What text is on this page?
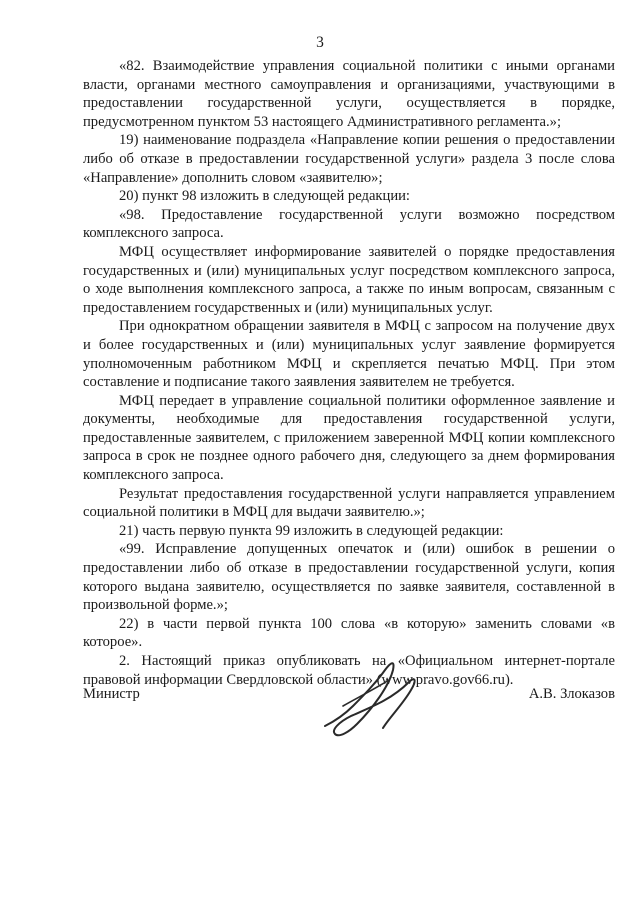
3

«82. Взаимодействие управления социальной политики с иными органами власти, органами местного самоуправления и организациями, участвующими в предоставлении государственной услуги, осуществляется в порядке, предусмотренном пунктом 53 настоящего Административного регламента.»;

19) наименование подраздела «Направление копии решения о предоставлении либо об отказе в предоставлении государственной услуги» раздела 3 после слова «Направление» дополнить словом «заявителю»;

20) пункт 98 изложить в следующей редакции:

«98. Предоставление государственной услуги возможно посредством комплексного запроса.

МФЦ осуществляет информирование заявителей о порядке предоставления государственных и (или) муниципальных услуг посредством комплексного запроса, о ходе выполнения комплексного запроса, а также по иным вопросам, связанным с предоставлением государственных и (или) муниципальных услуг.

При однократном обращении заявителя в МФЦ с запросом на получение двух и более государственных и (или) муниципальных услуг заявление формируется уполномоченным работником МФЦ и скрепляется печатью МФЦ. При этом составление и подписание такого заявления заявителем не требуется.

МФЦ передает в управление социальной политики оформленное заявление и документы, необходимые для предоставления государственной услуги, предоставленные заявителем, с приложением заверенной МФЦ копии комплексного запроса в срок не позднее одного рабочего дня, следующего за днем формирования комплексного запроса.

Результат предоставления государственной услуги направляется управлением социальной политики в МФЦ для выдачи заявителю.»;

21) часть первую пункта 99 изложить в следующей редакции:

«99. Исправление допущенных опечаток и (или) ошибок в решении о предоставлении либо об отказе в предоставлении государственной услуги, копия которого выдана заявителю, осуществляется по заявке заявителя, составленной в произвольной форме.»;

22) в части первой пункта 100 слова «в которую» заменить словами «в которое».

2. Настоящий приказ опубликовать на «Официальном интернет-портале правовой информации Свердловской области» (www.pravo.gov66.ru).

Министр	А.В. Злоказов
